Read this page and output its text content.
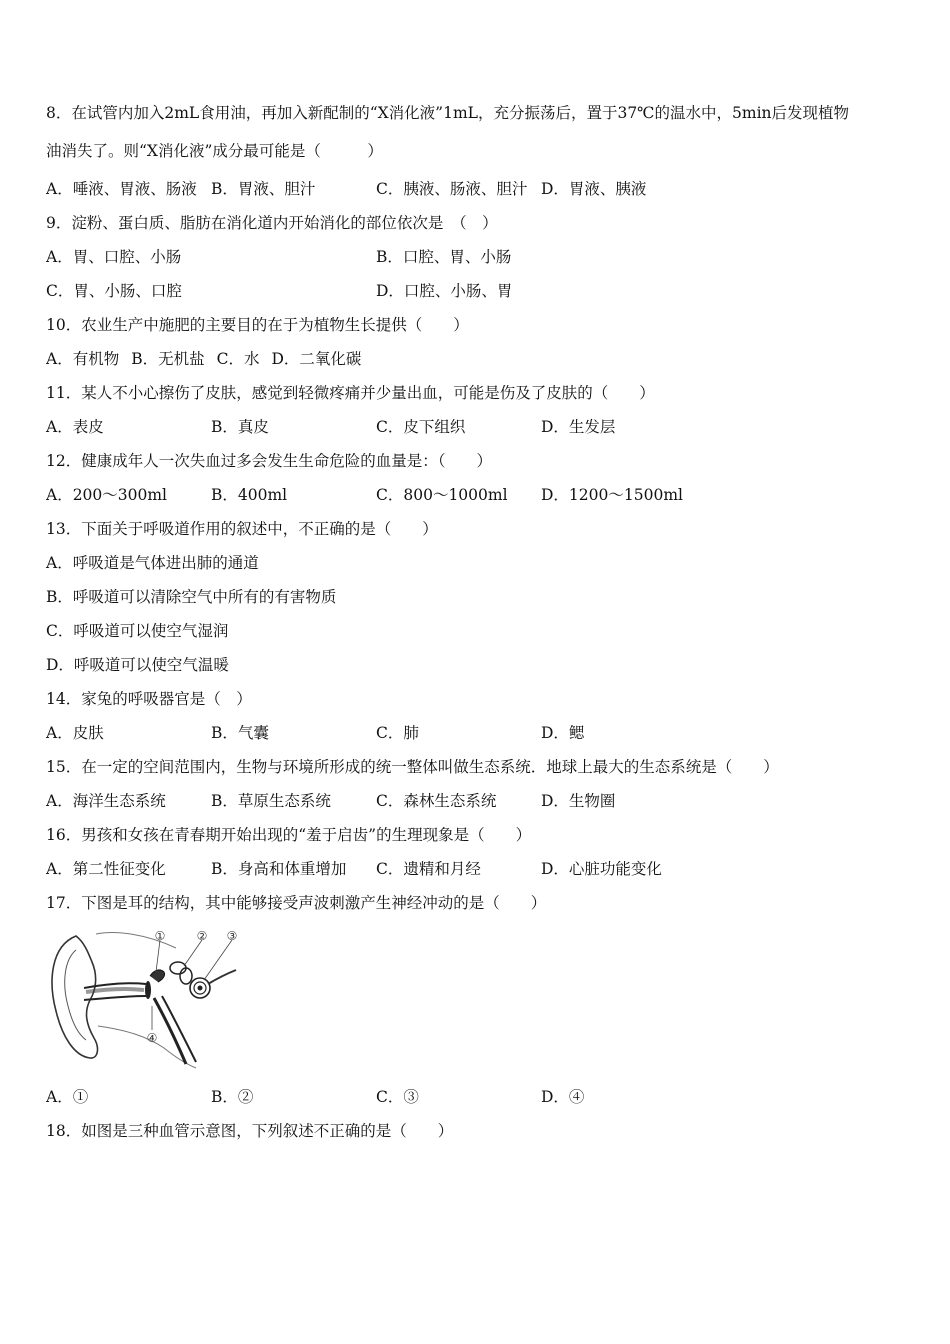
8．在试管内加入2mL食用油，再加入新配制的“X消化液”1mL，充分振荡后，置于37℃的温水中，5min后发现植物
油消失了。则“X消化液”成分最可能是（　　　）
A．唾液、胃液、肠液 B．胃液、胆汁	C．胰液、肠液、胆汁 D．胃液、胰液
9．淀粉、蛋白质、脂肪在消化道内开始消化的部位依次是　（　）
A．胃、口腔、小肠	B．口腔、胃、小肠
C．胃、小肠、口腔	D．口腔、小肠、胃
10．农业生产中施肥的主要目的在于为植物生长提供（　　）
A．有机物 B．无机盐 C．水 D．二氧化碳
11．某人不小心擦伤了皮肤，感觉到轻微疼痛并少量出血，可能是伤及了皮肤的（　　）
A．表皮	B．真皮	C．皮下组织	D．生发层
12．健康成年人一次失血过多会发生生命危险的血量是：（　　）
A．200～300ml	B．400ml	C．800～1000ml	D．1200～1500ml
13．下面关于呼吸道作用的叙述中，不正确的是（　　）
A．呼吸道是气体进出肺的通道
B．呼吸道可以清除空气中所有的有害物质
C．呼吸道可以使空气湿润
D．呼吸道可以使空气温暖
14．家兔的呼吸器官是（　）
A．皮肤	B．气囊	C．肺	D．鳃
15．在一定的空间范围内，生物与环境所形成的统一整体叫做生态系统．地球上最大的生态系统是（　　）
A．海洋生态系统	B．草原生态系统	C．森林生态系统	D．生物圈
16．男孩和女孩在青春期开始出现的“羞于启齿”的生理现象是（　　）
A．第二性征变化	B．身高和体重增加	C．遗精和月经	D．心脏功能变化
17．下图是耳的结构，其中能够接受声波刺激产生神经冲动的是（　　）
①	② ③
④
A．①	B．②	C．③	D．④
18．如图是三种血管示意图，下列叙述不正确的是（　　）
